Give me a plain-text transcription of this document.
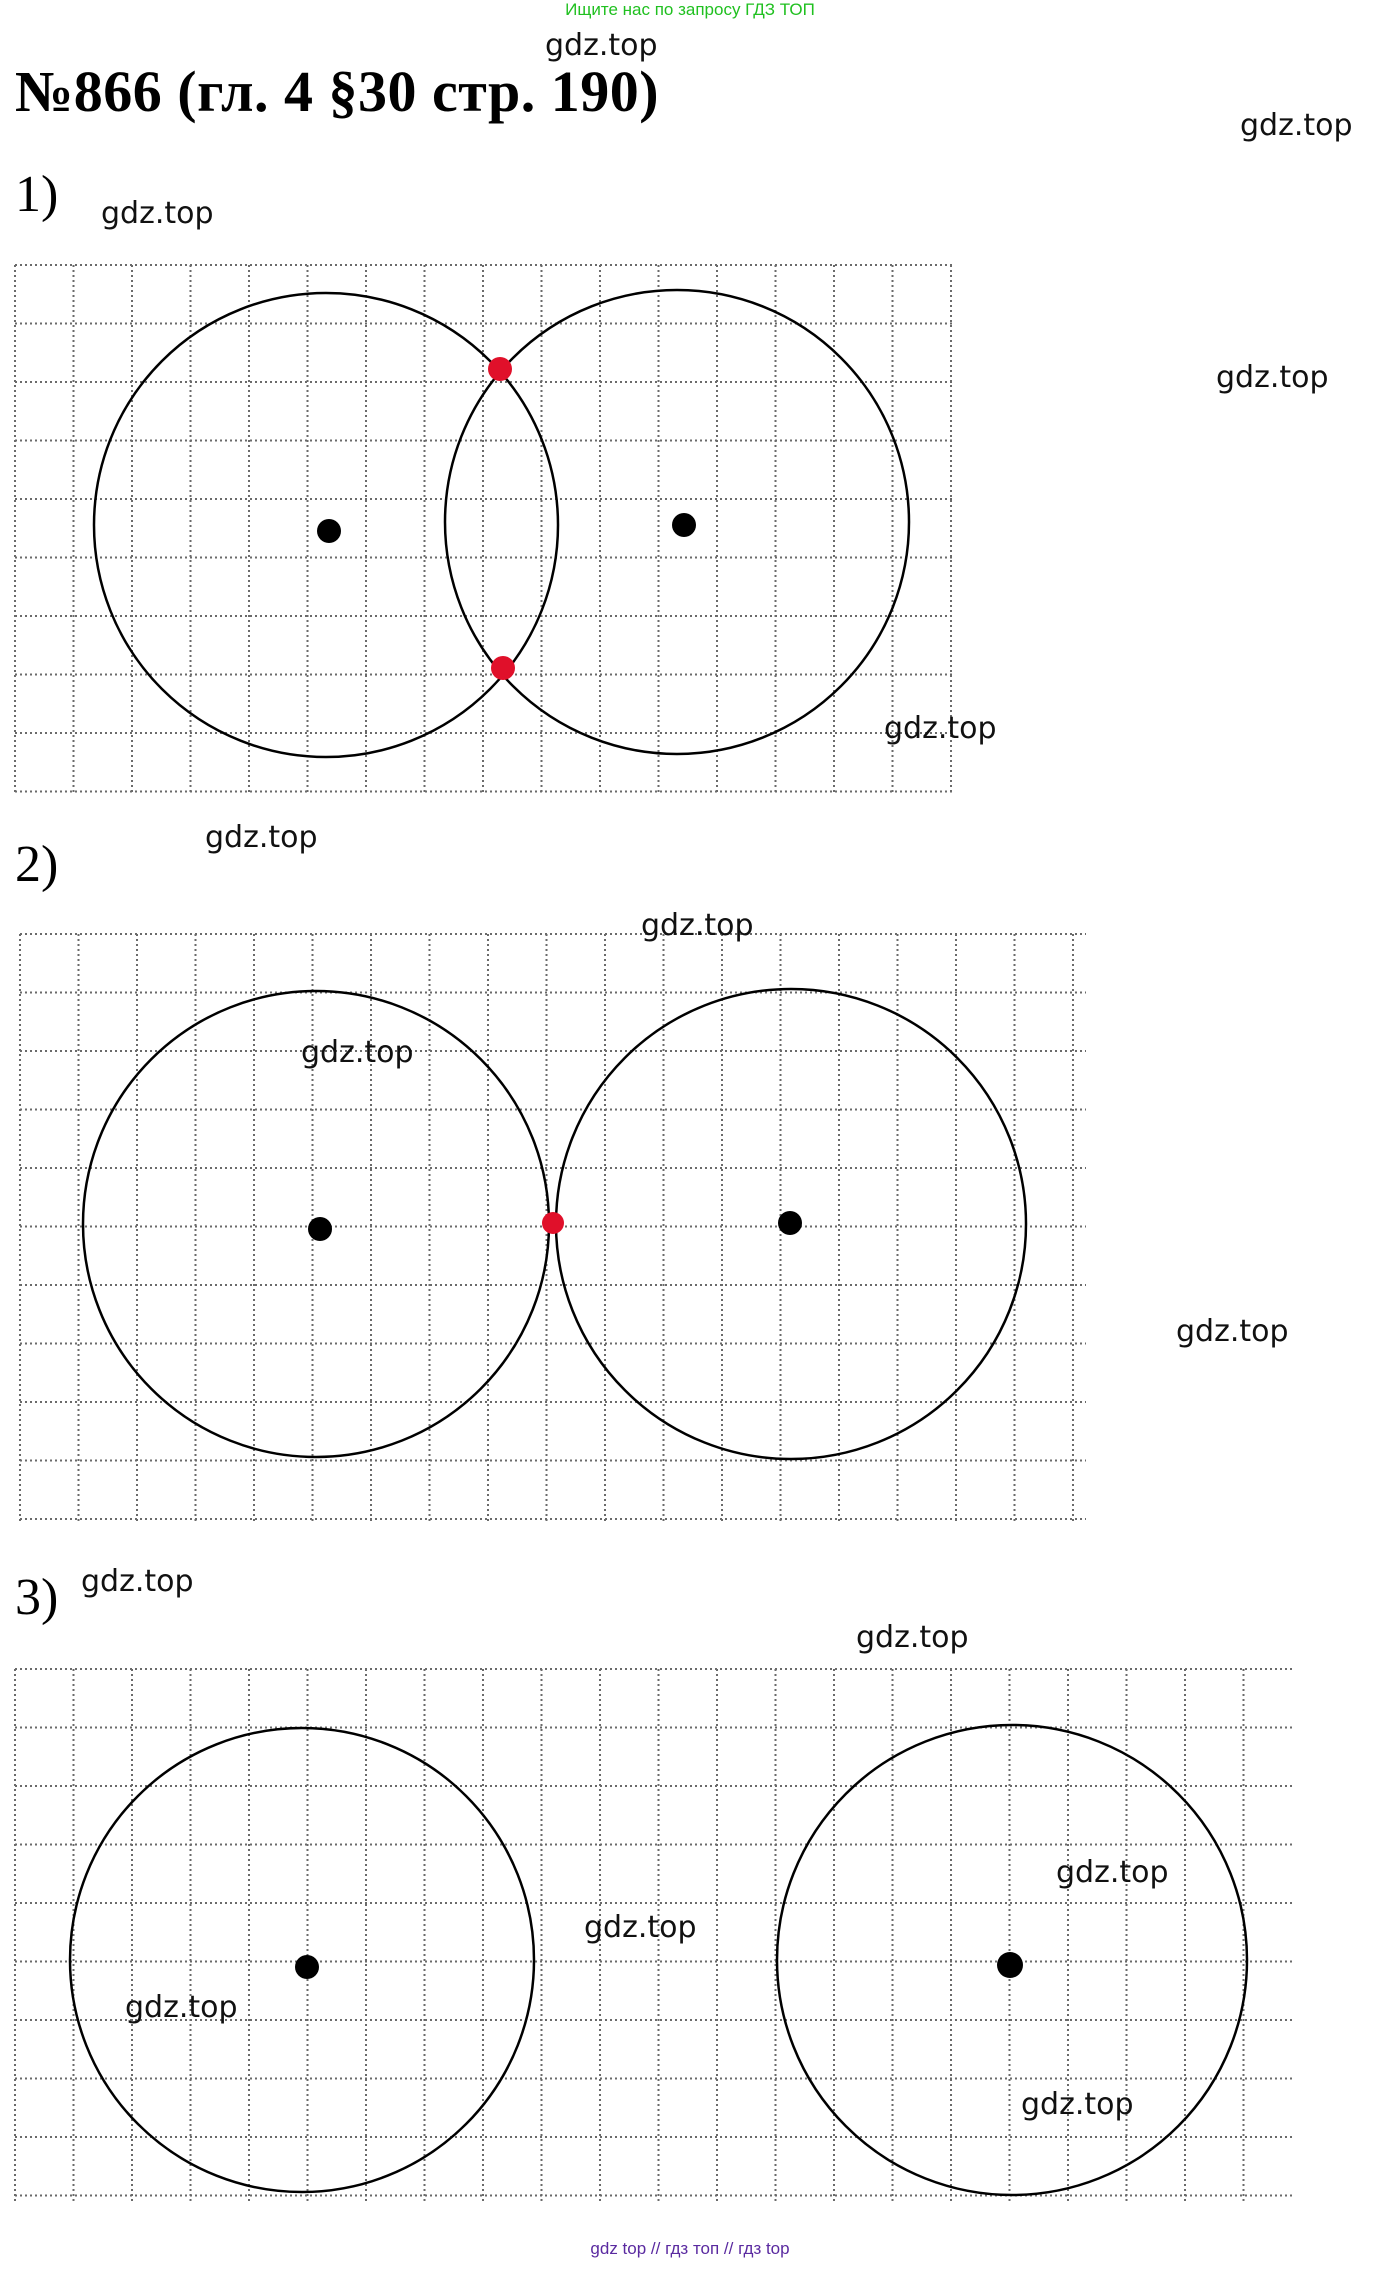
Ищите нас по запросу ГДЗ ТОП
№866 (гл. 4 §30 стр. 190)
1)
2)
3)
gdz.top
gdz.top
gdz.top
gdz.top
gdz.top
gdz.top
gdz.top
gdz.top
gdz.top
gdz.top
gdz.top
gdz.top
gdz.top
gdz.top
gdz.top
gdz top // гдз топ // гдз top
